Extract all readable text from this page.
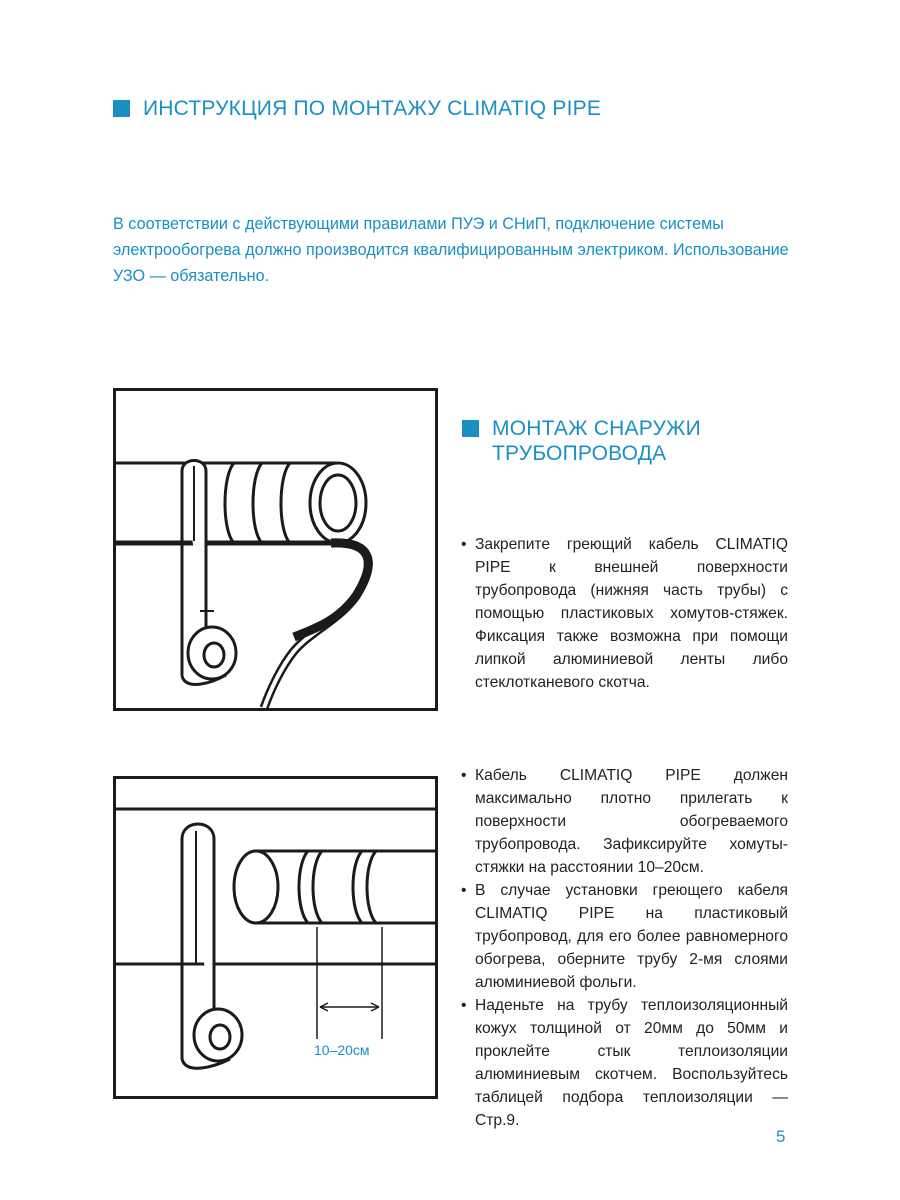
ИНСТРУКЦИЯ ПО МОНТАЖУ CLIMATIQ PIPE
В соответствии с действующими правилами ПУЭ и СНиП, подключение системы электрообогрева должно производится квалифицированным электриком. Использование УЗО — обязательно.
МОНТАЖ СНАРУЖИ ТРУБОПРОВОДА

• Закрепите греющий кабель CLIMATIQ PIPE к внешней поверхности трубопровода (нижняя часть трубы) с помощью пластиковых хомутов-стяжек. Фиксация также возможна при помощи липкой алюминиевой ленты либо стеклотканевого скотча.

10–20см

• Кабель CLIMATIQ PIPE должен максимально плотно прилегать к поверхности обогреваемого трубопровода. Зафиксируйте хомуты-стяжки на расстоянии 10–20см.

• В случае установки греющего кабеля CLIMATIQ PIPE на пластиковый трубопровод, для его более равномерного обогрева, оберните трубу 2-мя слоями алюминиевой фольги.

• Наденьте на трубу теплоизоляционный кожух толщиной от 20мм до 50мм и проклейте стык теплоизоляции алюминиевым скотчем. Воспользуйтесь таблицей подбора теплоизоляции — Стр.9.

5
